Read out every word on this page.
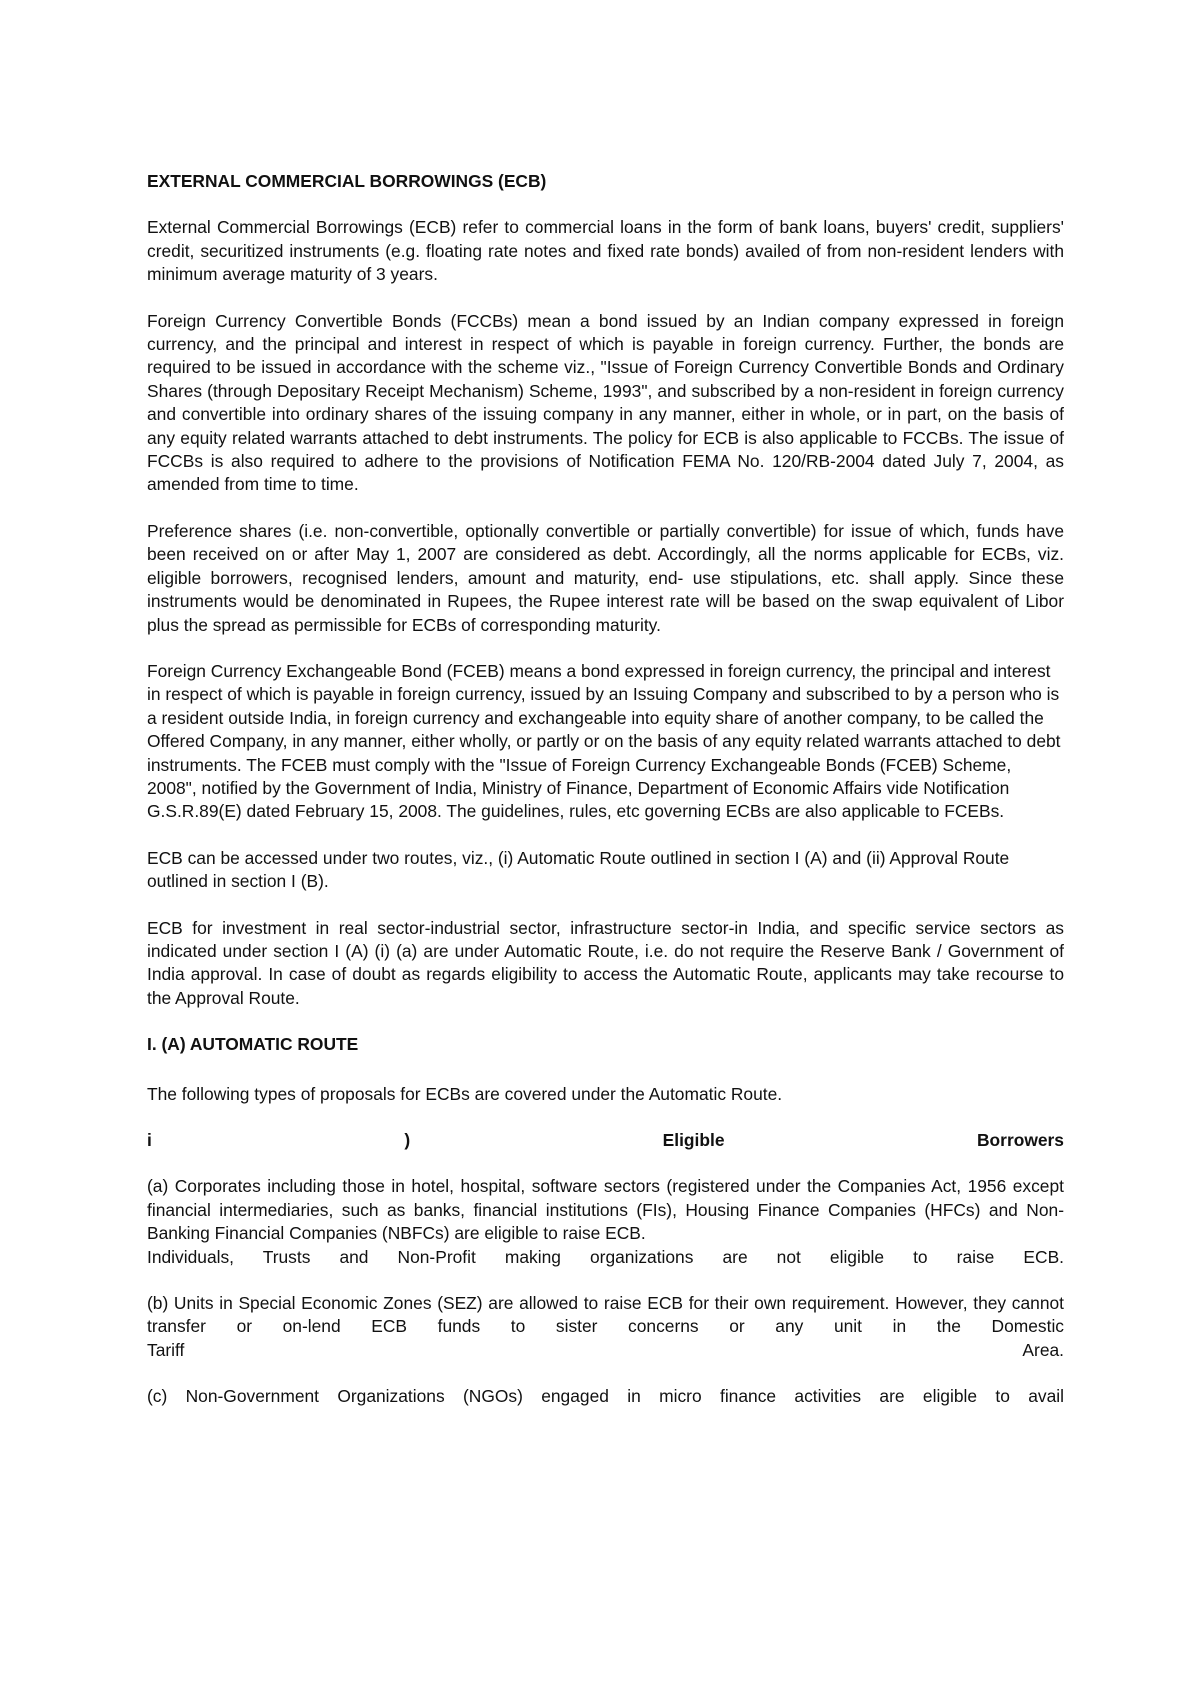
EXTERNAL COMMERCIAL BORROWINGS (ECB)

External Commercial Borrowings (ECB) refer to commercial loans in the form of bank loans, buyers' credit, suppliers' credit, securitized instruments (e.g. floating rate notes and fixed rate bonds) availed of from non-resident lenders with minimum average maturity of 3 years.

Foreign Currency Convertible Bonds (FCCBs) mean a bond issued by an Indian company expressed in foreign currency, and the principal and interest in respect of which is payable in foreign currency. Further, the bonds are required to be issued in accordance with the scheme viz., "Issue of Foreign Currency Convertible Bonds and Ordinary Shares (through Depositary Receipt Mechanism) Scheme, 1993", and subscribed by a non-resident in foreign currency and convertible into ordinary shares of the issuing company in any manner, either in whole, or in part, on the basis of any equity related warrants attached to debt instruments. The policy for ECB is also applicable to FCCBs. The issue of FCCBs is also required to adhere to the provisions of Notification FEMA No. 120/RB-2004 dated July 7, 2004, as amended from time to time.

Preference shares (i.e. non-convertible, optionally convertible or partially convertible) for issue of which, funds have been received on or after May 1, 2007 are considered as debt. Accordingly, all the norms applicable for ECBs, viz. eligible borrowers, recognised lenders, amount and maturity, end- use stipulations, etc. shall apply. Since these instruments would be denominated in Rupees, the Rupee interest rate will be based on the swap equivalent of Libor plus the spread as permissible for ECBs of corresponding maturity.

Foreign Currency Exchangeable Bond (FCEB) means a bond expressed in foreign currency, the principal and interest in respect of which is payable in foreign currency, issued by an Issuing Company and subscribed to by a person who is a resident outside India, in foreign currency and exchangeable into equity share of another company, to be called the Offered Company, in any manner, either wholly, or partly or on the basis of any equity related warrants attached to debt instruments. The FCEB must comply with the "Issue of Foreign Currency Exchangeable Bonds (FCEB) Scheme, 2008", notified by the Government of India, Ministry of Finance, Department of Economic Affairs vide Notification G.S.R.89(E) dated February 15, 2008. The guidelines, rules, etc governing ECBs are also applicable to FCEBs.

ECB can be accessed under two routes, viz., (i) Automatic Route outlined in section I (A) and (ii) Approval Route outlined in section I (B).

ECB for investment in real sector-industrial sector, infrastructure sector-in India, and specific service sectors as indicated under section I (A) (i) (a) are under Automatic Route, i.e. do not require the Reserve Bank / Government of India approval. In case of doubt as regards eligibility to access the Automatic Route, applicants may take recourse to the Approval Route.

I. (A) AUTOMATIC ROUTE

The following types of proposals for ECBs are covered under the Automatic Route.

i	)	Eligible	Borrowers
(a) Corporates including those in hotel, hospital, software sectors (registered under the Companies Act, 1956 except financial intermediaries, such as banks, financial institutions (FIs), Housing Finance Companies (HFCs) and Non-Banking Financial Companies (NBFCs) are eligible to raise ECB.
Individuals, Trusts and Non-Profit making organizations are not eligible to raise ECB.
(b) Units in Special Economic Zones (SEZ) are allowed to raise ECB for their own requirement. However, they cannot transfer or on-lend ECB funds to sister concerns or any unit in the Domestic
Tariff	Area.
(c) Non-Government Organizations (NGOs) engaged in micro finance activities are eligible to avail
